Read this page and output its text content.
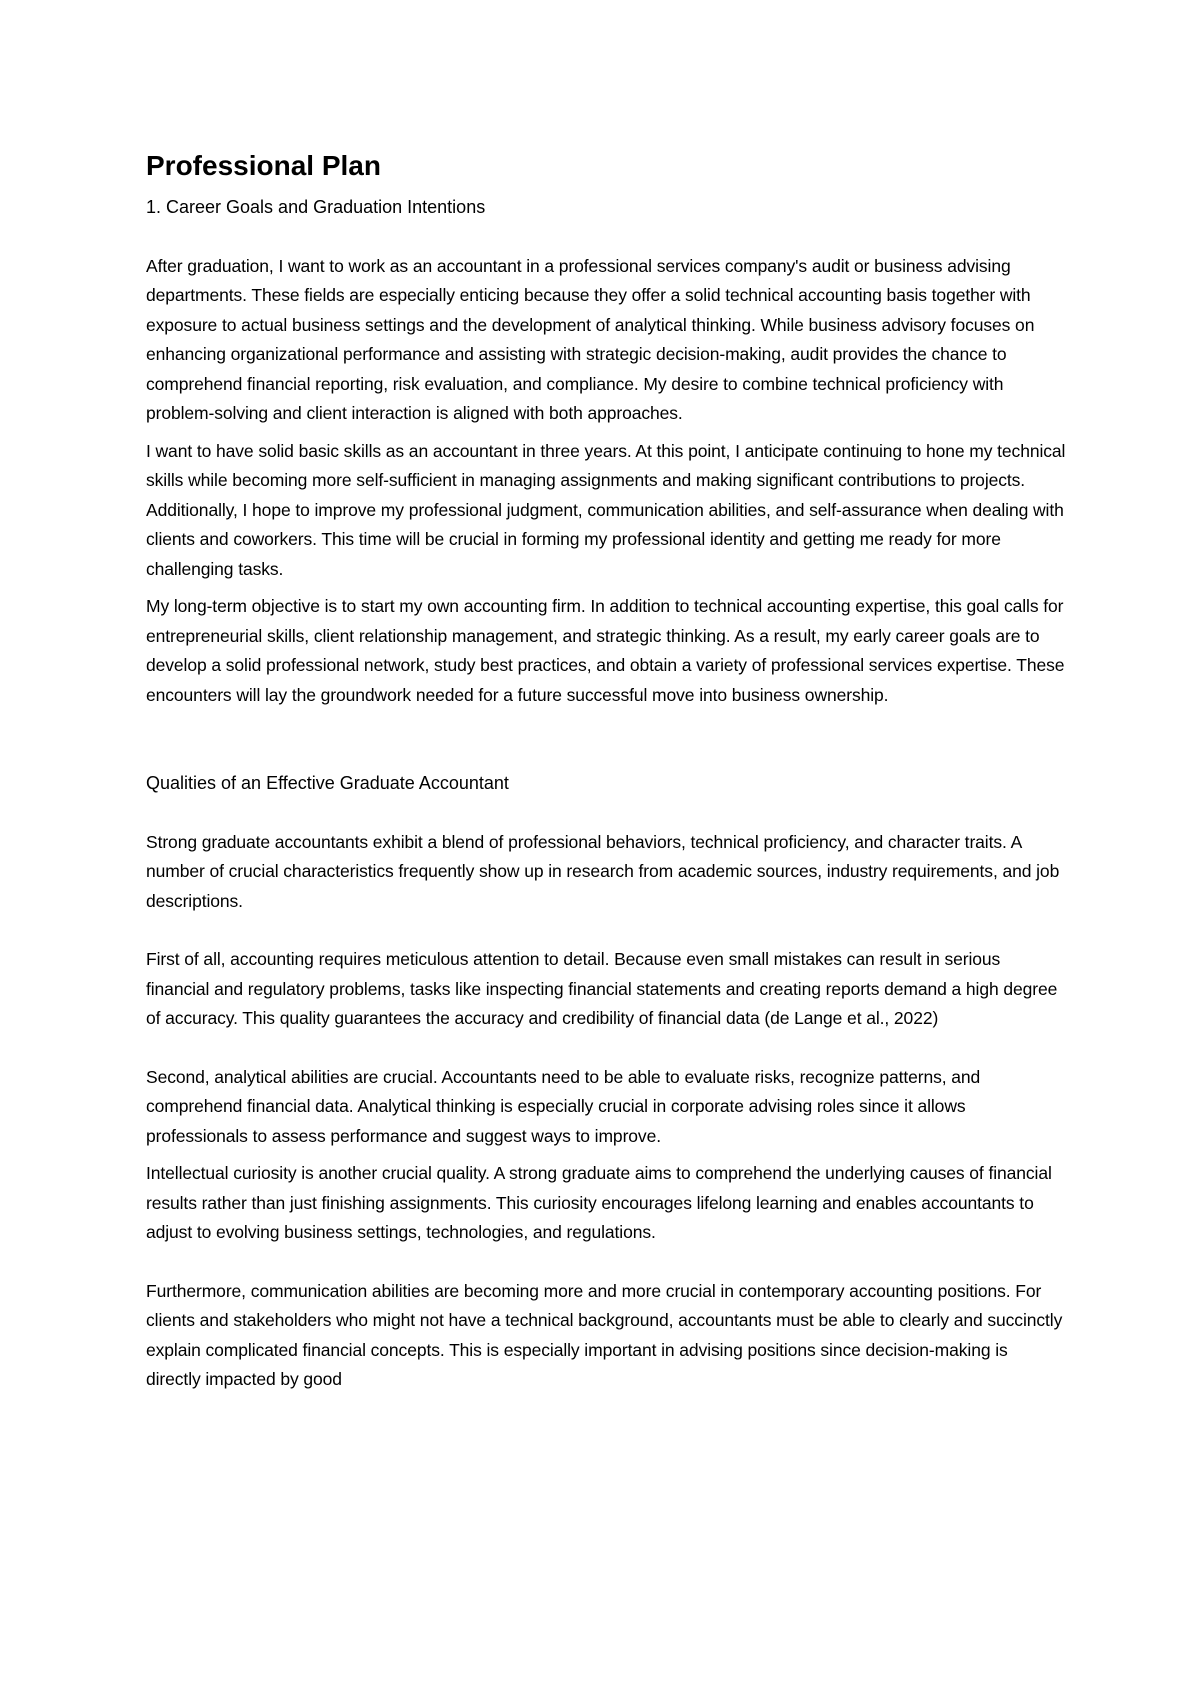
Professional Plan
1. Career Goals and Graduation Intentions

After graduation, I want to work as an accountant in a professional services company's audit or business advising departments. These fields are especially enticing because they offer a solid technical accounting basis together with exposure to actual business settings and the development of analytical thinking. While business advisory focuses on enhancing organizational performance and assisting with strategic decision-making, audit provides the chance to comprehend financial reporting, risk evaluation, and compliance. My desire to combine technical proficiency with problem-solving and client interaction is aligned with both approaches.

I want to have solid basic skills as an accountant in three years. At this point, I anticipate continuing to hone my technical skills while becoming more self-sufficient in managing assignments and making significant contributions to projects. Additionally, I hope to improve my professional judgment, communication abilities, and self-assurance when dealing with clients and coworkers. This time will be crucial in forming my professional identity and getting me ready for more challenging tasks.

My long-term objective is to start my own accounting firm. In addition to technical accounting expertise, this goal calls for entrepreneurial skills, client relationship management, and strategic thinking. As a result, my early career goals are to develop a solid professional network, study best practices, and obtain a variety of professional services expertise. These encounters will lay the groundwork needed for a future successful move into business ownership.

Qualities of an Effective Graduate Accountant

Strong graduate accountants exhibit a blend of professional behaviors, technical proficiency, and character traits. A number of crucial characteristics frequently show up in research from academic sources, industry requirements, and job descriptions.

First of all, accounting requires meticulous attention to detail. Because even small mistakes can result in serious financial and regulatory problems, tasks like inspecting financial statements and creating reports demand a high degree of accuracy. This quality guarantees the accuracy and credibility of financial data (de Lange et al., 2022)

Second, analytical abilities are crucial. Accountants need to be able to evaluate risks, recognize patterns, and comprehend financial data. Analytical thinking is especially crucial in corporate advising roles since it allows professionals to assess performance and suggest ways to improve.

Intellectual curiosity is another crucial quality. A strong graduate aims to comprehend the underlying causes of financial results rather than just finishing assignments. This curiosity encourages lifelong learning and enables accountants to adjust to evolving business settings, technologies, and regulations.

Furthermore, communication abilities are becoming more and more crucial in contemporary accounting positions. For clients and stakeholders who might not have a technical background, accountants must be able to clearly and succinctly explain complicated financial concepts. This is especially important in advising positions since decision-making is directly impacted by good
